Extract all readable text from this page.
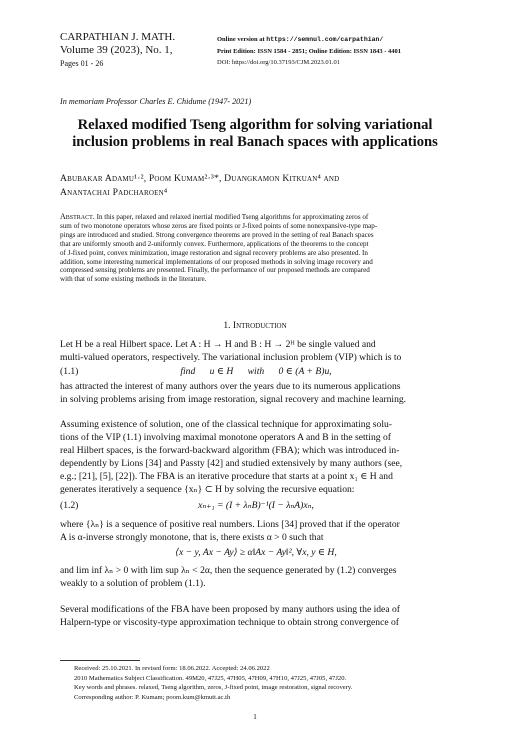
CARPATHIAN J. MATH.
Volume 39 (2023), No. 1,
Pages 01 - 26
Online version at https://semnul.com/carpathian/
Print Edition: ISSN 1584 - 2851; Online Edition: ISSN 1843 - 4401
DOI: https://doi.org/10.37193/CJM.2023.01.01
In memoriam Professor Charles E. Chidume (1947- 2021)
Relaxed modified Tseng algorithm for solving variational
inclusion problems in real Banach spaces with applications
Abubakar Adamu¹·², Poom Kumam²·³*, Duangkamon Kitkuan⁴ and
Anantachai Padcharoen⁴
Abstract. In this paper, relaxed and relaxed inertial modified Tseng algorithms for approximating zeros of
sum of two monotone operators whose zeros are fixed points or J-fixed points of some nonexpansive-type map-
pings are introduced and studied. Strong convergence theorems are proved in the setting of real Banach spaces
that are uniformly smooth and 2-uniformly convex. Furthermore, applications of the theorems to the concept
of J-fixed point, convex minimization, image restoration and signal recovery problems are also presented. In
addition, some interesting numerical implementations of our proposed methods in solving image recovery and
compressed sensing problems are presented. Finally, the performance of our proposed methods are compared
with that of some existing methods in the literature.
1. Introduction
Let H be a real Hilbert space. Let A : H → H and B : H → 2ᴴ be single valued and
multi-valued operators, respectively. The variational inclusion problem (VIP) which is to
(1.1)	find      u ∈ H      with      0 ∈ (A + B)u,
has attracted the interest of many authors over the years due to its numerous applications
in solving problems arising from image restoration, signal recovery and machine learning.
Assuming existence of solution, one of the classical technique for approximating solu-
tions of the VIP (1.1) involving maximal monotone operators A and B in the setting of
real Hilbert spaces, is the forward-backward algorithm (FBA); which was introduced in-
dependently by Lions [34] and Passty [42] and studied extensively by many authors (see,
e.g.; [21], [5], [22]). The FBA is an iterative procedure that starts at a point x₁ ∈ H and
generates iteratively a sequence {xₙ} ⊂ H by solving the recursive equation:
(1.2)	xₙ₊₁ = (I + λₙB)⁻¹(I − λₙA)xₙ,
where {λₙ} is a sequence of positive real numbers. Lions [34] proved that if the operator
A is α-inverse strongly monotone, that is, there exists α > 0 such that
⟨x − y, Ax − Ay⟩ ≥ α‖Ax − Ay‖², ∀x, y ∈ H,
and lim inf λₙ > 0 with lim sup λₙ < 2α, then the sequence generated by (1.2) converges
weakly to a solution of problem (1.1).
Several modifications of the FBA have been proposed by many authors using the idea of
Halpern-type or viscosity-type approximation technique to obtain strong convergence of
Received: 25.10.2021. In revised form: 18.06.2022. Accepted: 24.06.2022
2010 Mathematics Subject Classification. 49M20, 47J25, 47H05, 47H09, 47H10, 47J25, 47J05, 47J20.
Key words and phrases. relaxed, Tseng algorithm, zeros, J-fixed point, image restoration, signal recovery.
Corresponding author: P. Kumam; poom.kum@kmutt.ac.th
1
